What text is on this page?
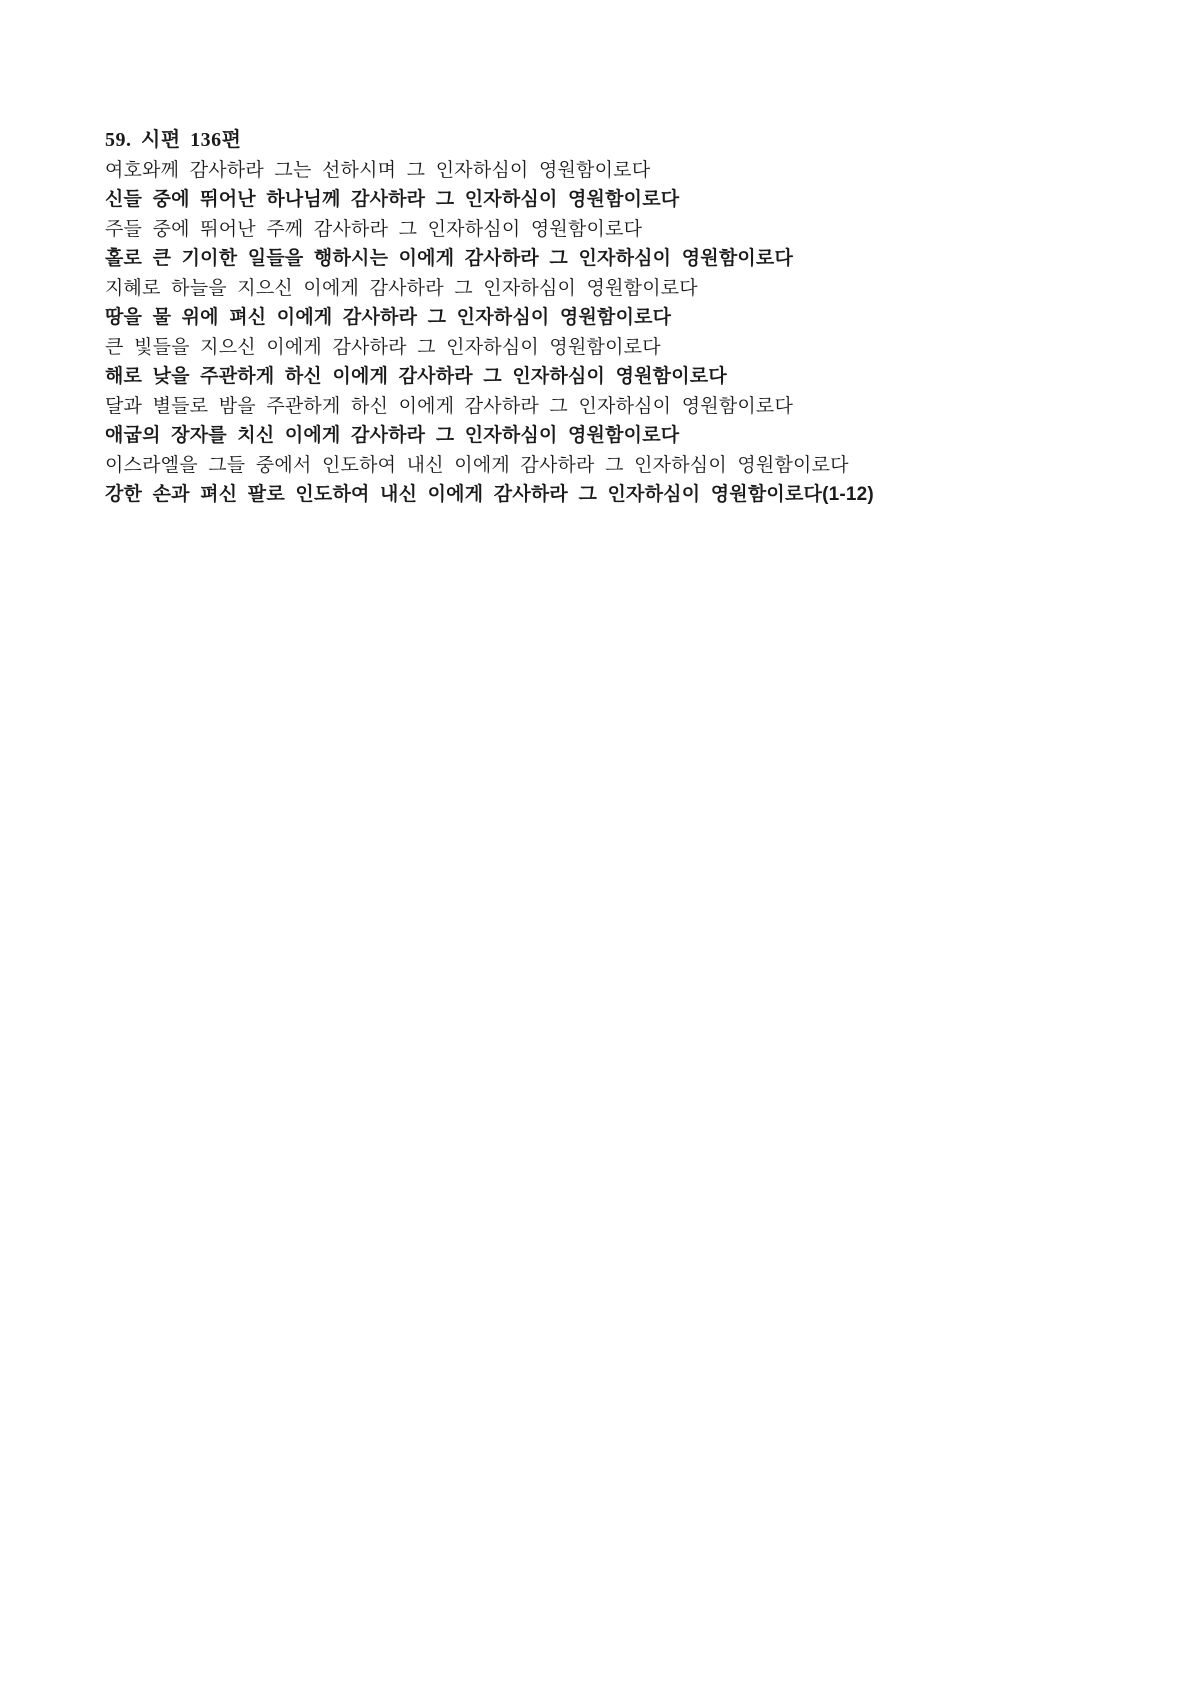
59. 시편 136편

여호와께 감사하라 그는 선하시며 그 인자하심이 영원함이로다

신들 중에 뛰어난 하나님께 감사하라 그 인자하심이 영원함이로다

주들 중에 뛰어난 주께 감사하라 그 인자하심이 영원함이로다

홀로 큰 기이한 일들을 행하시는 이에게 감사하라 그 인자하심이 영원함이로다

지혜로 하늘을 지으신 이에게 감사하라 그 인자하심이 영원함이로다

땅을 물 위에 펴신 이에게 감사하라 그 인자하심이 영원함이로다

큰 빛들을 지으신 이에게 감사하라 그 인자하심이 영원함이로다

해로 낮을 주관하게 하신 이에게 감사하라 그 인자하심이 영원함이로다

달과 별들로 밤을 주관하게 하신 이에게 감사하라 그 인자하심이 영원함이로다

애굽의 장자를 치신 이에게 감사하라 그 인자하심이 영원함이로다

이스라엘을 그들 중에서 인도하여 내신 이에게 감사하라 그 인자하심이 영원함이로다

강한 손과 펴신 팔로 인도하여 내신 이에게 감사하라 그 인자하심이 영원함이로다(1-12)
